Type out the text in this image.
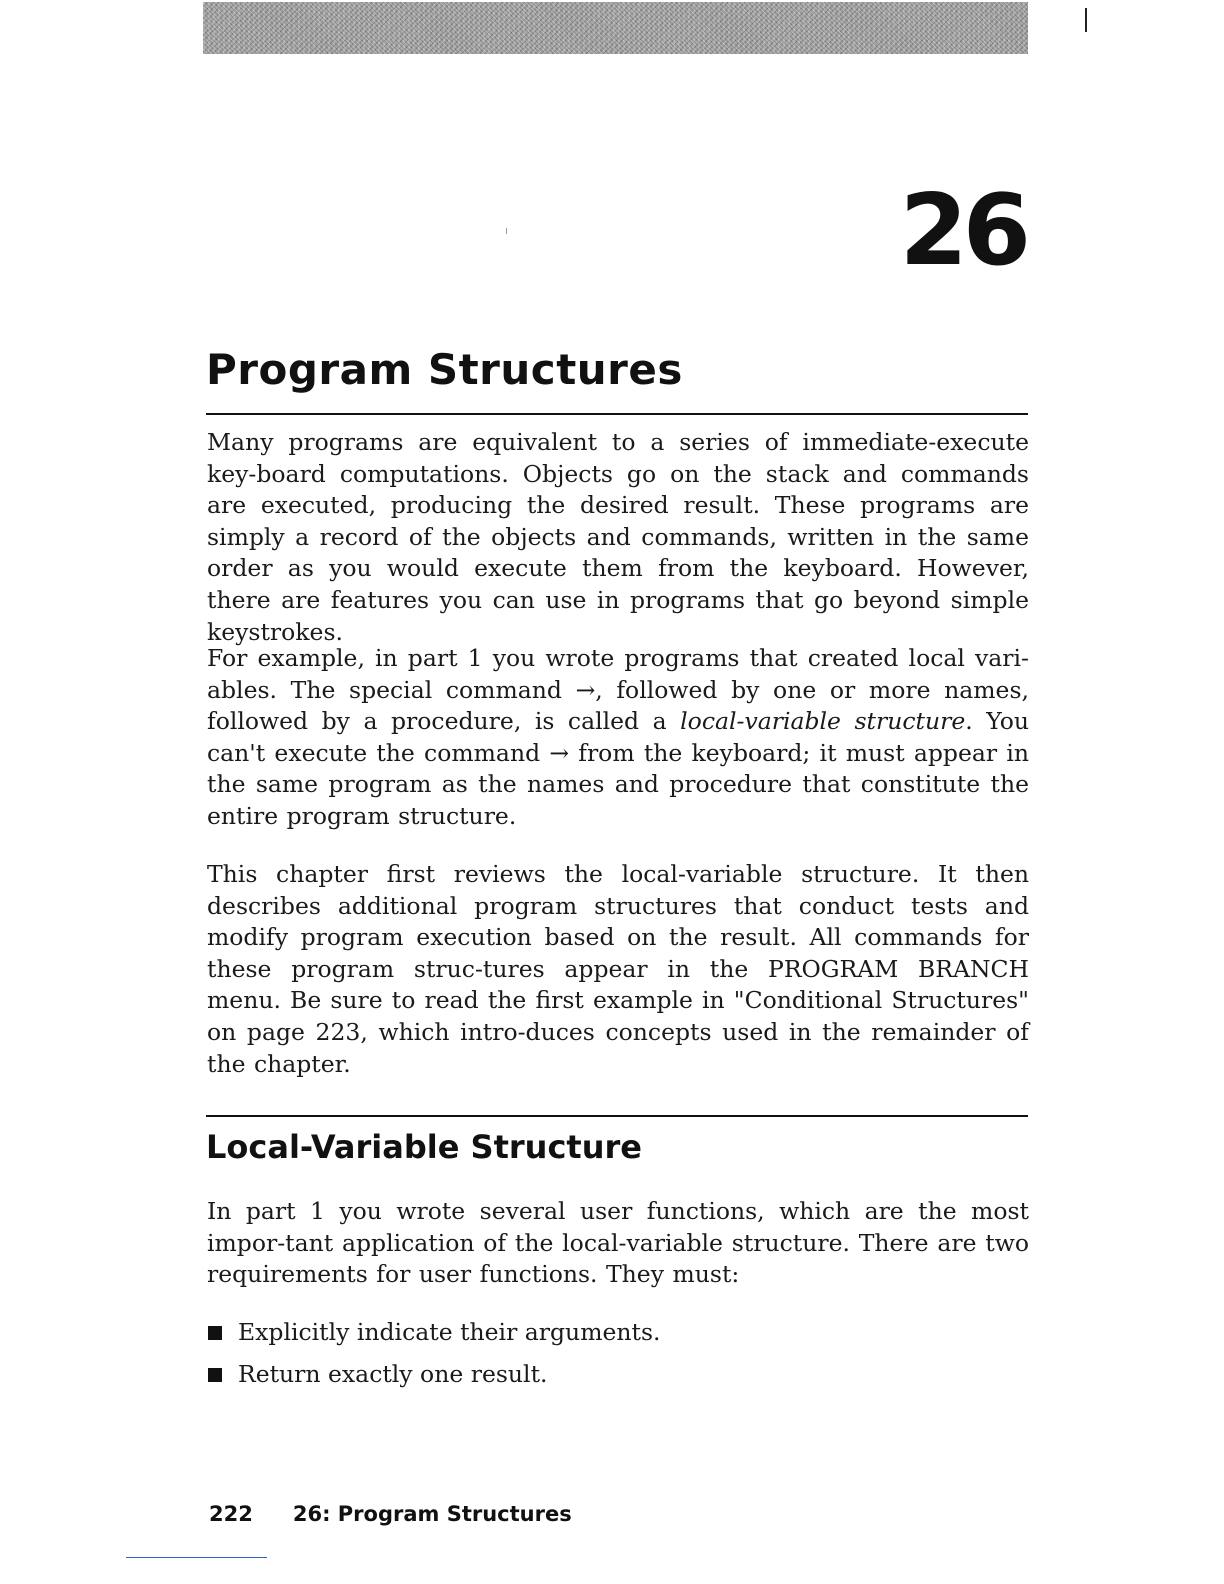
26
Program Structures

Many programs are equivalent to a series of immediate-execute key-board computations. Objects go on the stack and commands are executed, producing the desired result. These programs are simply a record of the objects and commands, written in the same order as you would execute them from the keyboard. However, there are features you can use in programs that go beyond simple keystrokes.

For example, in part 1 you wrote programs that created local vari-ables. The special command →, followed by one or more names, followed by a procedure, is called a local-variable structure. You can't execute the command → from the keyboard; it must appear in the same program as the names and procedure that constitute the entire program structure.

This chapter first reviews the local-variable structure. It then describes additional program structures that conduct tests and modify program execution based on the result. All commands for these program struc-tures appear in the PROGRAM BRANCH menu. Be sure to read the first example in "Conditional Structures" on page 223, which intro-duces concepts used in the remainder of the chapter.

Local-Variable Structure

In part 1 you wrote several user functions, which are the most impor-tant application of the local-variable structure. There are two requirements for user functions. They must:

Explicitly indicate their arguments.
Return exactly one result.
222 26: Program Structures
